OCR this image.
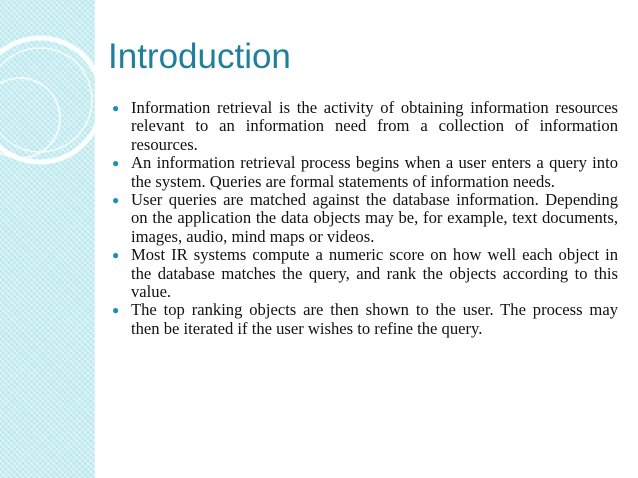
Introduction
● Information retrieval is the activity of obtaining information resources relevant to an information need from a collection of information resources.
● An information retrieval process begins when a user enters a query into the system. Queries are formal statements of information needs.
● User queries are matched against the database information. Depending on the application the data objects may be, for example, text documents, images, audio, mind maps or videos.
● Most IR systems compute a numeric score on how well each object in the database matches the query, and rank the objects according to this value.
● The top ranking objects are then shown to the user. The process may then be iterated if the user wishes to refine the query.
